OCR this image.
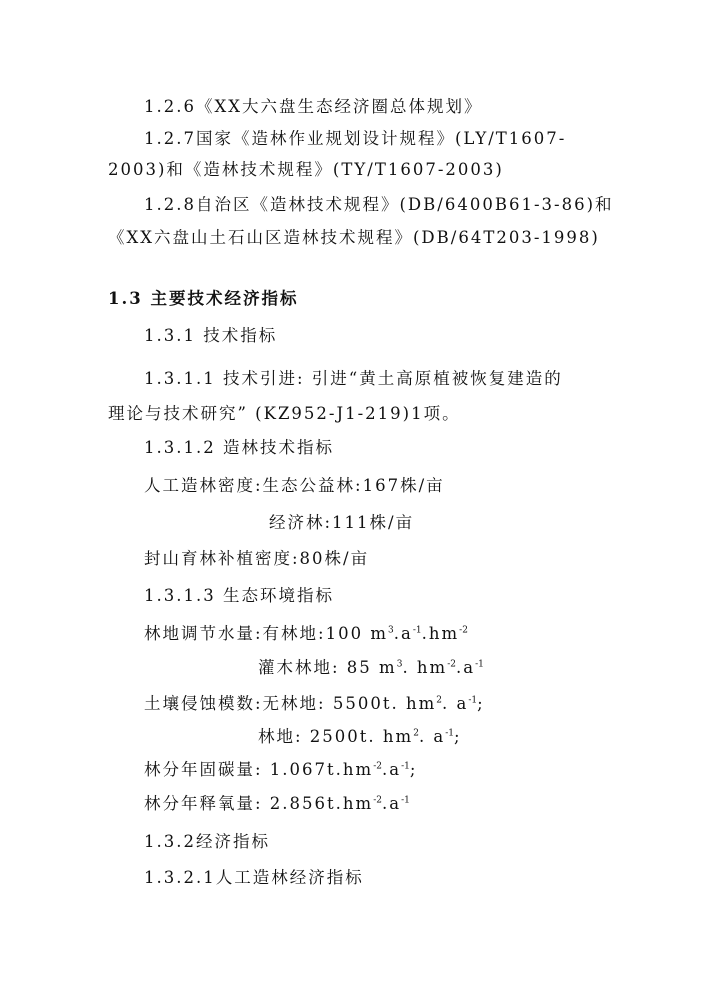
1.2.6《XX大六盘生态经济圈总体规划》
1.2.7国家《造林作业规划设计规程》(LY/T1607-
2003)和《造林技术规程》(TY/T1607-2003)
1.2.8自治区《造林技术规程》(DB/6400B61-3-86)和
《XX六盘山土石山区造林技术规程》(DB/64T203-1998)
1.3 主要技术经济指标
1.3.1 技术指标
1.3.1.1 技术引进: 引进“黄土高原植被恢复建造的
理论与技术研究” (KZ952-J1-219)1项。
1.3.1.2 造林技术指标
人工造林密度:生态公益林:167株/亩
经济林:111株/亩
封山育林补植密度:80株/亩
1.3.1.3 生态环境指标
林地调节水量:有林地:100 $m^3.a^{-1}.hm^{-2}$
灌木林地: 85 $m^3$. $hm^{-2}.a^{-1}$
土壤侵蚀模数:无林地: 5500t. $hm^2$. $a^{-1}$;
林地: 2500t. $hm^2$. $a^{-1}$;
林分年固碳量: $1.067t.hm^{-2}.a^{-1}$;
林分年释氧量: $2.856t.hm^{-2}.a^{-1}$
1.3.2经济指标
1.3.2.1人工造林经济指标
